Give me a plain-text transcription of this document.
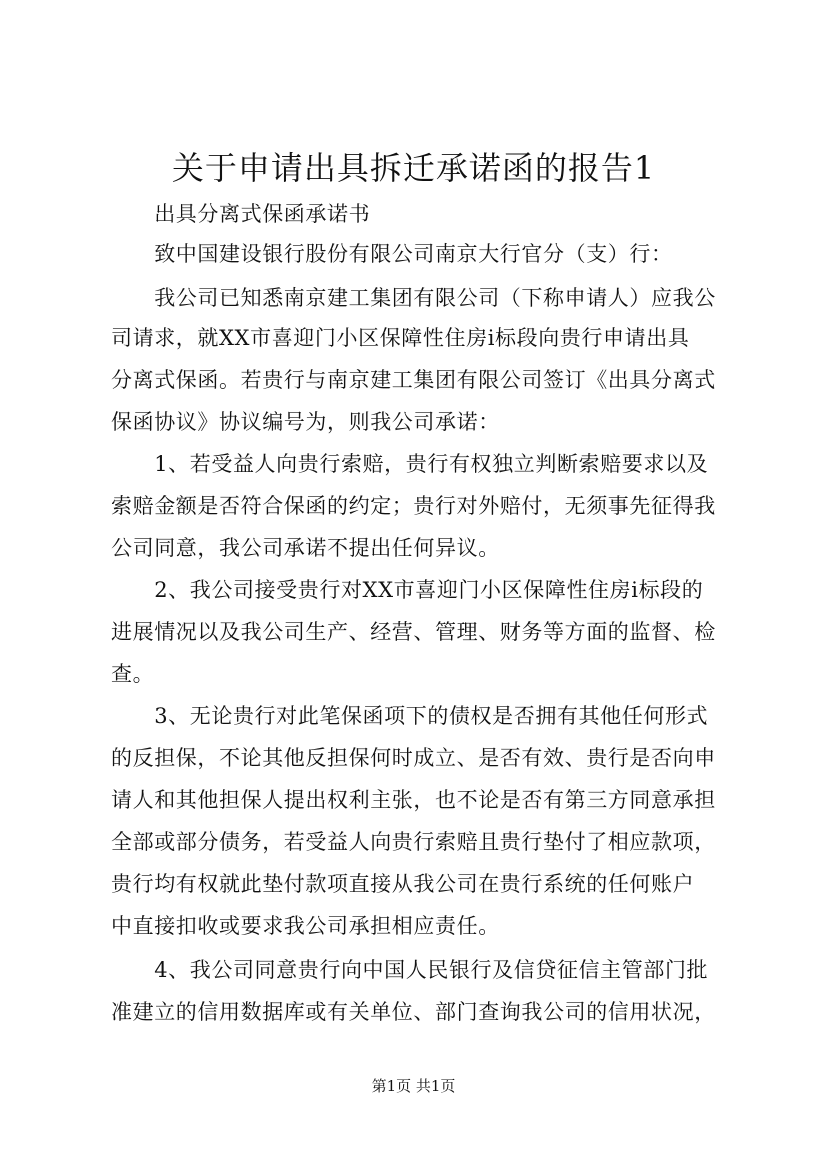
关于申请出具拆迁承诺函的报告1

　　出具分离式保函承诺书

　　致中国建设银行股份有限公司南京大行官分（支）行：

　　我公司已知悉南京建工集团有限公司（下称申请人）应我公

司请求，就XX市喜迎门小区保障性住房i标段向贵行申请出具

分离式保函。若贵行与南京建工集团有限公司签订《出具分离式

保函协议》协议编号为，则我公司承诺：

　　1、若受益人向贵行索赔，贵行有权独立判断索赔要求以及

索赔金额是否符合保函的约定；贵行对外赔付，无须事先征得我

公司同意，我公司承诺不提出任何异议。

　　2、我公司接受贵行对XX市喜迎门小区保障性住房i标段的

进展情况以及我公司生产、经营、管理、财务等方面的监督、检

查。

　　3、无论贵行对此笔保函项下的债权是否拥有其他任何形式

的反担保，不论其他反担保何时成立、是否有效、贵行是否向申

请人和其他担保人提出权利主张，也不论是否有第三方同意承担

全部或部分债务，若受益人向贵行索赔且贵行垫付了相应款项，

贵行均有权就此垫付款项直接从我公司在贵行系统的任何账户

中直接扣收或要求我公司承担相应责任。

　　4、我公司同意贵行向中国人民银行及信贷征信主管部门批

准建立的信用数据库或有关单位、部门查询我公司的信用状况，

第1页 共1页
